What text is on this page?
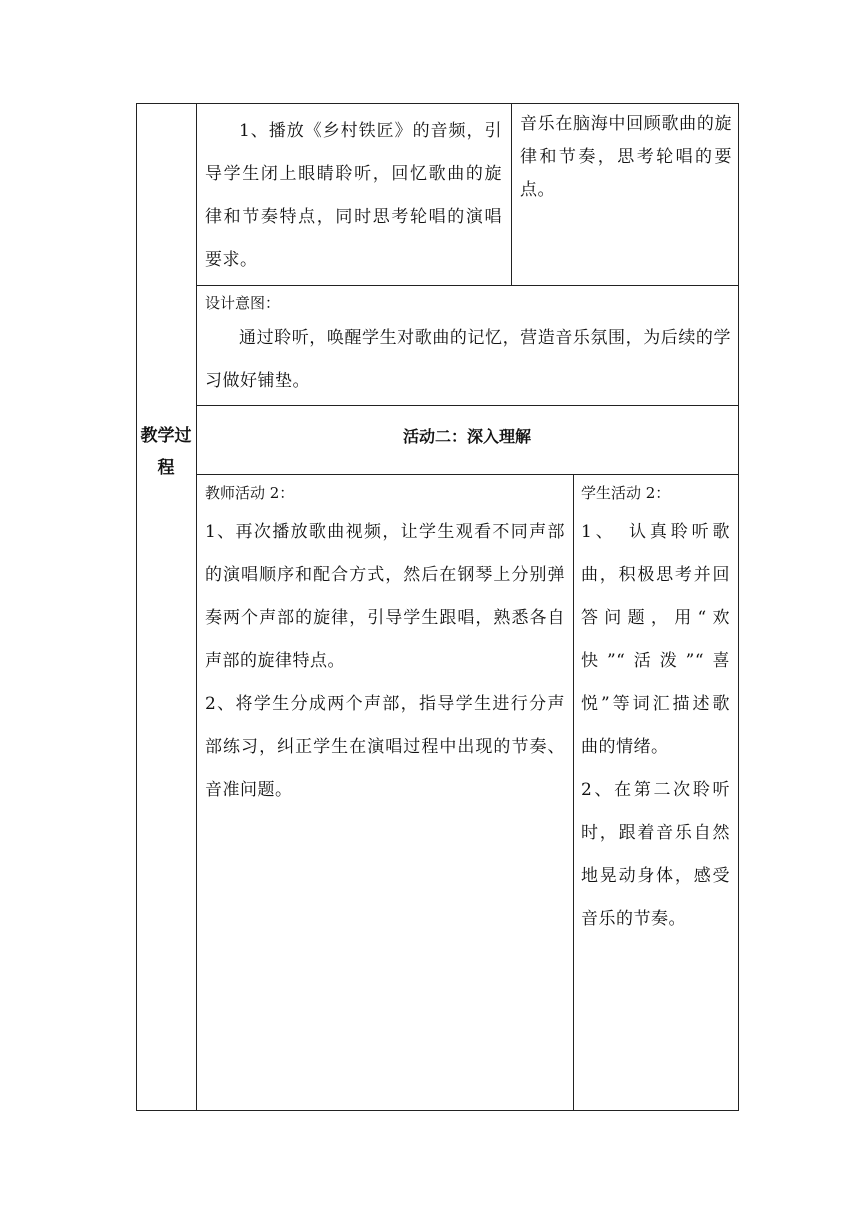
教学过程

1、播放《乡村铁匠》的音频，引导学生闭上眼睛聆听，回忆歌曲的旋律和节奏特点，同时思考轮唱的演唱要求。

音乐在脑海中回顾歌曲的旋律和节奏，思考轮唱的要点。

设计意图：

通过聆听，唤醒学生对歌曲的记忆，营造音乐氛围，为后续的学习做好铺垫。

活动二：深入理解

教师活动 2：

1、再次播放歌曲视频，让学生观看不同声部的演唱顺序和配合方式，然后在钢琴上分别弹奏两个声部的旋律，引导学生跟唱，熟悉各自声部的旋律特点。

2、将学生分成两个声部，指导学生进行分声部练习，纠正学生在演唱过程中出现的节奏、音准问题。

学生活动 2：

1、　认真聆听歌曲，积极思考并回答问题，用“欢快”“活泼”“喜悦”等词汇描述歌曲的情绪。

2、在第二次聆听时，跟着音乐自然地晃动身体，感受音乐的节奏。
